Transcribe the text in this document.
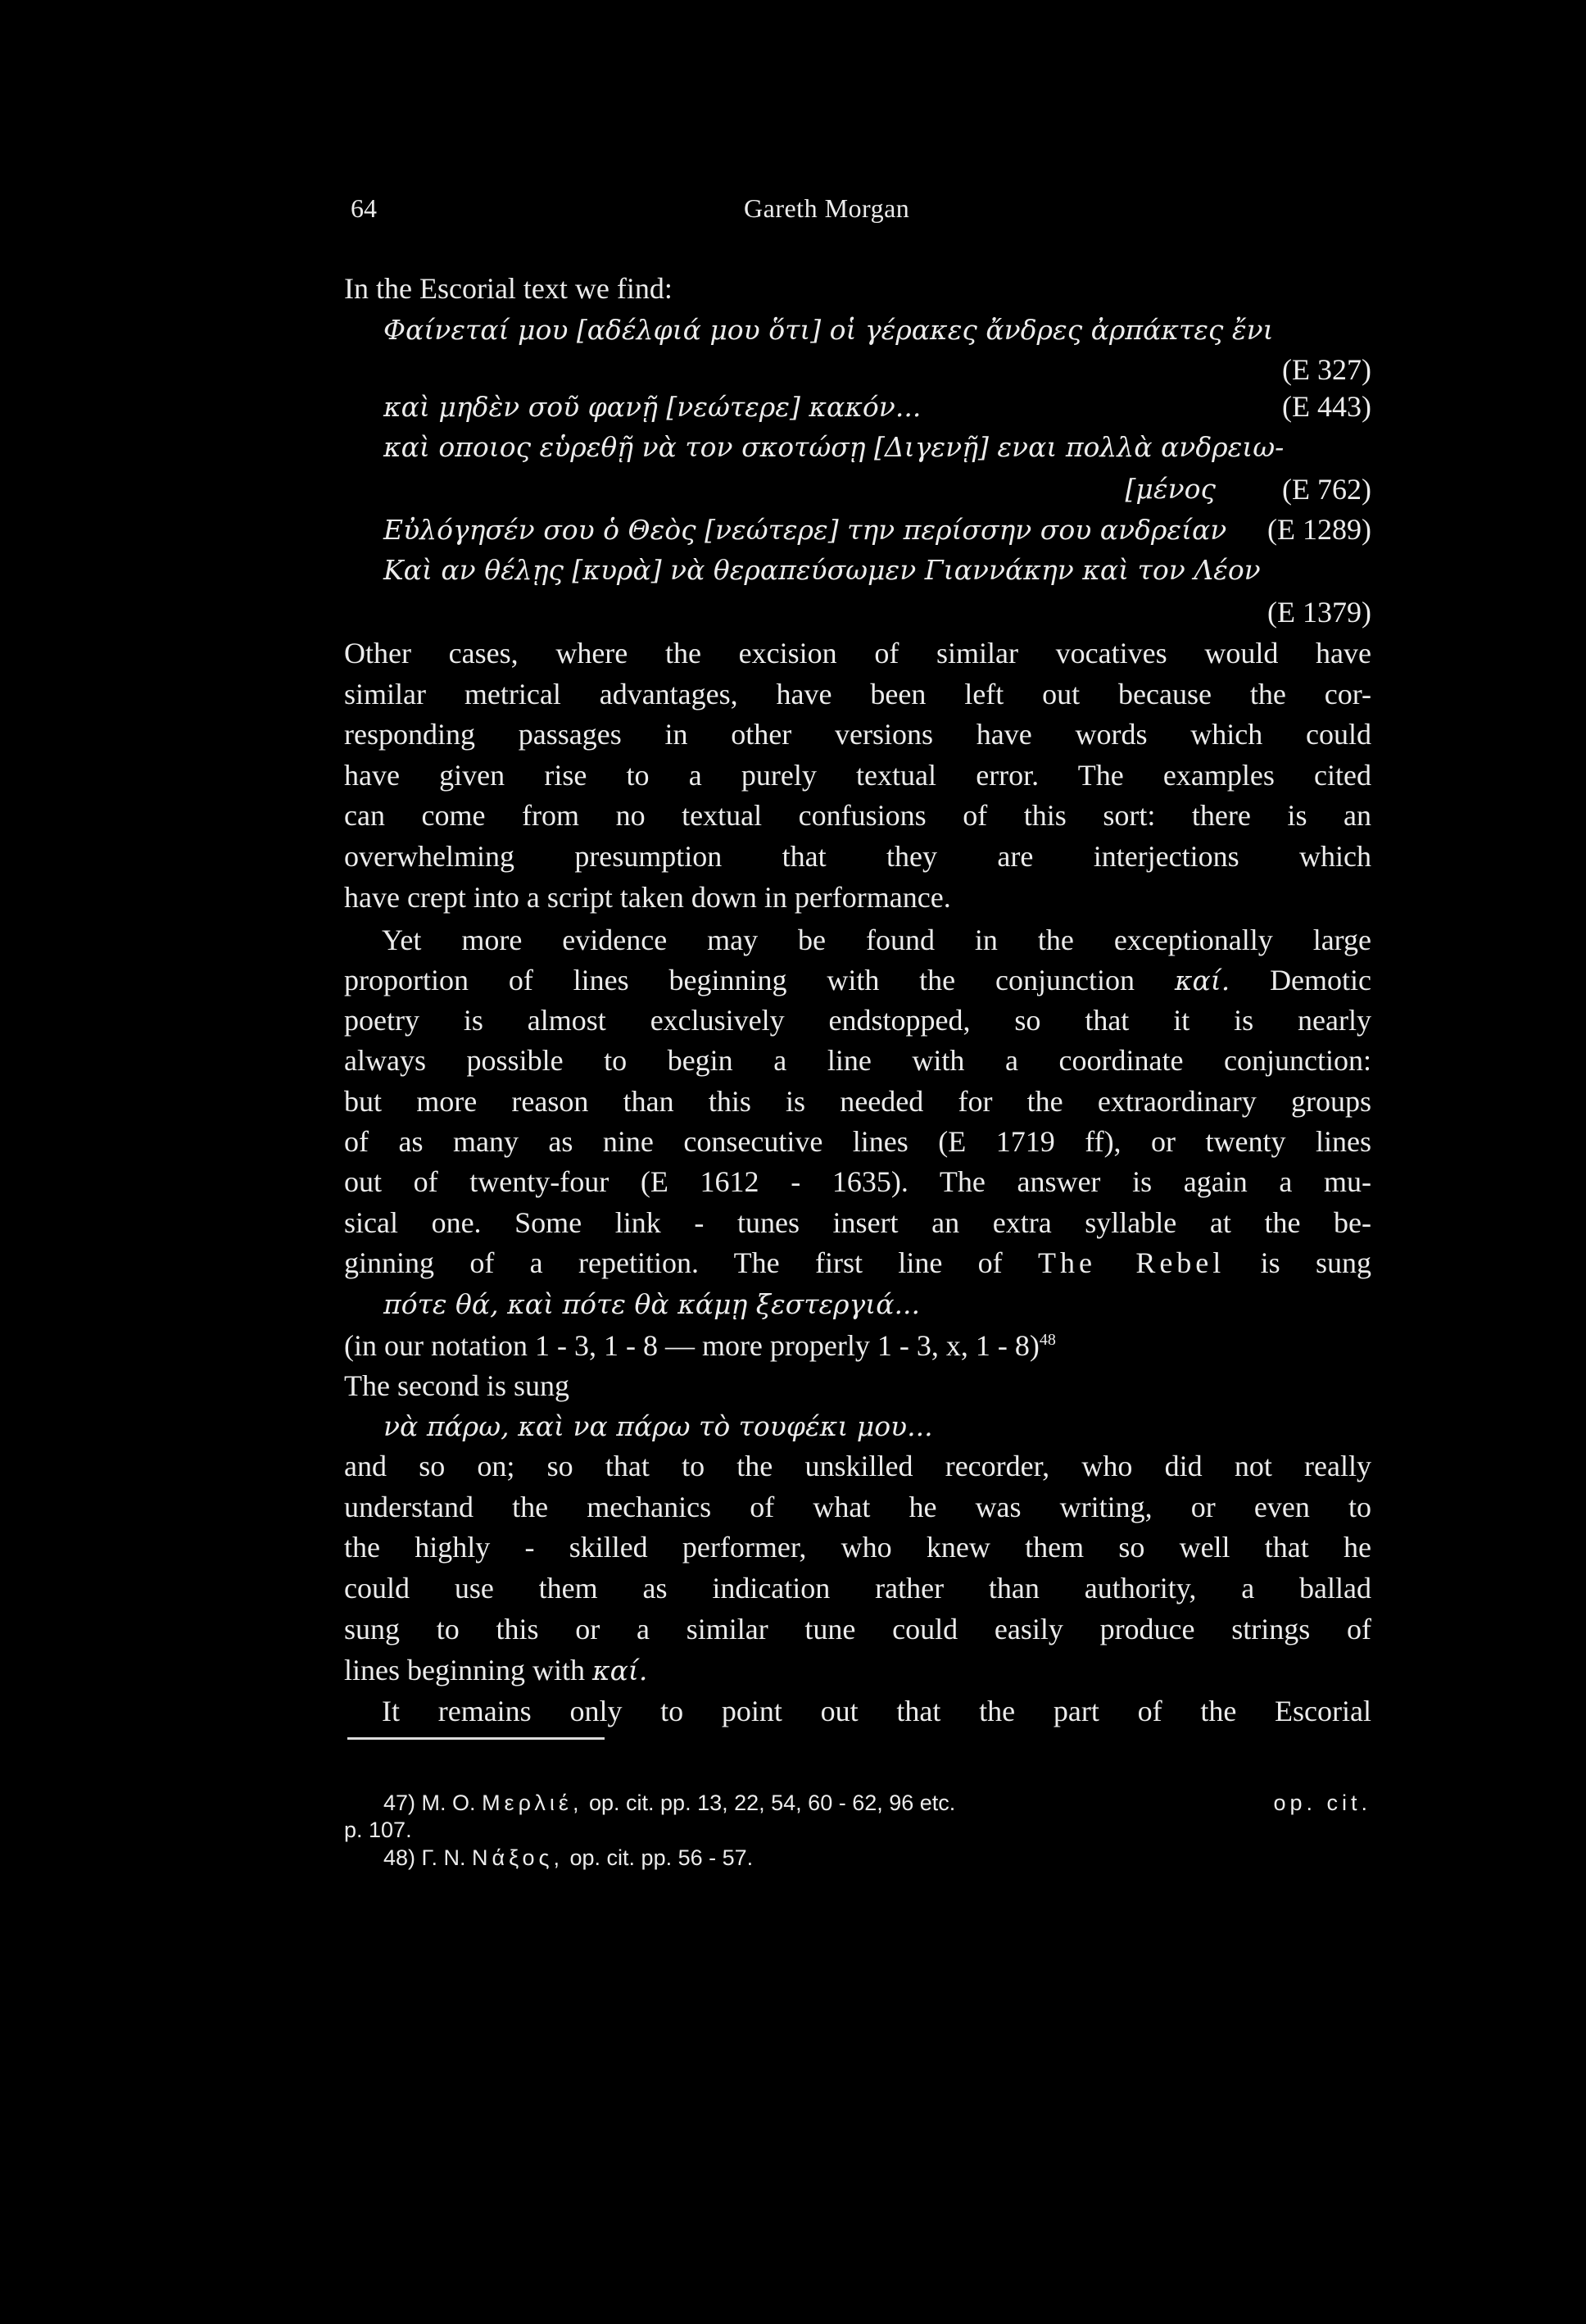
64	Gareth Morgan
In the Escorial text we find:
Φαίνεταί μου [αδέλφιά μου ὅτι] οἱ γέρακες ἄνδρες ἀρπάκτες ἔνι
(E 327)
καὶ μηδὲν σοῦ φανῇ [νεώτερε] κακόν...	(E 443)
καὶ οποιος εὑρεθῇ νὰ τον σκοτώσῃ [Διγενῇ] εναι πολλὰ ανδρειω-
[μένος (E 762)
Εὐλόγησέν σου ὁ Θεὸς [νεώτερε] την περίσσην σου ανδρείαν (E 1289)
Καὶ αν θέλῃς [κυρὰ] νὰ θεραπεύσωμεν Γιαννάκην καὶ τον Λέον
(E 1379)
Other cases, where the excision of similar vocatives would have
similar metrical advantages, have been left out because the cor-
responding passages in other versions have words which could
have given rise to a purely textual error. The examples cited
can come from no textual confusions of this sort: there is an
overwhelming presumption that they are interjections which
have crept into a script taken down in performance.
Yet more evidence may be found in the exceptionally large
proportion of lines beginning with the conjunction καί. Demotic
poetry is almost exclusively endstopped, so that it is nearly
always possible to begin a line with a coordinate conjunction:
but more reason than this is needed for the extraordinary groups
of as many as nine consecutive lines (E 1719 ff), or twenty lines
out of twenty-four (E 1612 - 1635). The answer is again a mu-
sical one. Some link - tunes insert an extra syllable at the be-
ginning of a repetition. The first line of The Rebel is sung
πότε θά, καὶ πότε θὰ κάμῃ ξεστεργιά...
(in our notation 1 - 3, 1 - 8 — more properly 1 - 3, x, 1 - 8)$^{48}$
The second is sung
νὰ πάρω, καὶ να πάρω τὸ τουφέκι μου...
and so on; so that to the unskilled recorder, who did not really
understand the mechanics of what he was writing, or even to
the highly - skilled performer, who knew them so well that he
could use them as indication rather than authority, a ballad
sung to this or a similar tune could easily produce strings of
lines beginning with καί.
It remains only to point out that the part of the Escorial
47) Μ. Ο. Μερλιέ, op. cit. pp. 13, 22, 54, 60 - 62, 96 etc.	op. cit.
p. 107.
48) Γ. Ν. Νάξος, op. cit. pp. 56 - 57.
